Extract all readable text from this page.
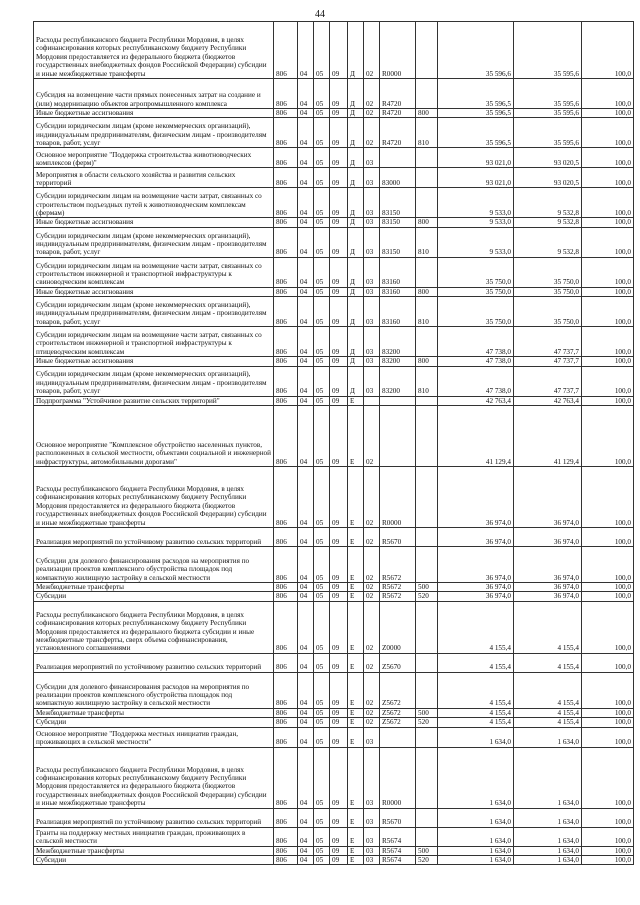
44
Расходы республиканского бюджета Республики Мордовия, в целях софинансирования которых республиканскому бюджету Республики Мордовия предоставляется из федерального бюджета (бюджетов государственных внебюджетных фондов Российской Федерации) субсидии и иные межбюджетные трансферты	806	04	05	09	Д	02	R0000		35 596,6	35 595,6	100,0
Субсидия на возмещение части прямых понесенных затрат на создание и (или) модернизацию объектов агропромышленного комплекса	806	04	05	09	Д	02	R4720		35 596,5	35 595,6	100,0
Иные бюджетные ассигнования	806	04	05	09	Д	02	R4720	800	35 596,5	35 595,6	100,0
Субсидии юридическим лицам (кроме некоммерческих организаций), индивидуальным предпринимателям, физическим лицам - производителям товаров, работ, услуг	806	04	05	09	Д	02	R4720	810	35 596,5	35 595,6	100,0
Основное мероприятие "Поддержка строительства животноводческих комплексов (ферм)"	806	04	05	09	Д	03			93 021,0	93 020,5	100,0
Мероприятия в области сельского хозяйства и развития сельских территорий	806	04	05	09	Д	03	83000		93 021,0	93 020,5	100,0
Субсидии юридическим лицам на возмещение части затрат, связанных со строительством подъездных путей к животноводческим комплексам (фермам)	806	04	05	09	Д	03	83150		9 533,0	9 532,8	100,0
Иные бюджетные ассигнования	806	04	05	09	Д	03	83150	800	9 533,0	9 532,8	100,0
Субсидии юридическим лицам (кроме некоммерческих организаций), индивидуальным предпринимателям, физическим лицам - производителям товаров, работ, услуг	806	04	05	09	Д	03	83150	810	9 533,0	9 532,8	100,0
Субсидии юридическим лицам на возмещение части затрат, связанных со строительством инженерной и транспортной инфраструктуры к свиноводческим комплексам	806	04	05	09	Д	03	83160		35 750,0	35 750,0	100,0
Иные бюджетные ассигнования	806	04	05	09	Д	03	83160	800	35 750,0	35 750,0	100,0
Субсидии юридическим лицам (кроме некоммерческих организаций), индивидуальным предпринимателям, физическим лицам - производителям товаров, работ, услуг	806	04	05	09	Д	03	83160	810	35 750,0	35 750,0	100,0
Субсидии юридическим лицам на возмещение части затрат, связанных со строительством инженерной и транспортной инфраструктуры к птицеводческим комплексам	806	04	05	09	Д	03	83200		47 738,0	47 737,7	100,0
Иные бюджетные ассигнования	806	04	05	09	Д	03	83200	800	47 738,0	47 737,7	100,0
Субсидии юридическим лицам (кроме некоммерческих организаций), индивидуальным предпринимателям, физическим лицам - производителям товаров, работ, услуг	806	04	05	09	Д	03	83200	810	47 738,0	47 737,7	100,0
Подпрограмма "Устойчивое развитие сельских территорий"	806	04	05	09	Е				42 763,4	42 763,4	100,0
Основное мероприятие "Комплексное обустройство населенных пунктов, расположенных в сельской местности, объектами социальной и инженерной инфраструктуры, автомобильными дорогами"	806	04	05	09	Е	02			41 129,4	41 129,4	100,0
Расходы республиканского бюджета Республики Мордовия, в целях софинансирования которых республиканскому бюджету Республики Мордовия предоставляется из федерального бюджета (бюджетов государственных внебюджетных фондов Российской Федерации) субсидии и иные межбюджетные трансферты	806	04	05	09	Е	02	R0000		36 974,0	36 974,0	100,0
Реализация мероприятий по устойчивому развитию сельских территорий	806	04	05	09	Е	02	R5670		36 974,0	36 974,0	100,0
Субсидии для долевого финансирования расходов на мероприятия по реализации проектов комплексного обустройства площадок под компактную жилищную застройку в сельской местности	806	04	05	09	Е	02	R5672		36 974,0	36 974,0	100,0
Межбюджетные трансферты	806	04	05	09	Е	02	R5672	500	36 974,0	36 974,0	100,0
Субсидии	806	04	05	09	Е	02	R5672	520	36 974,0	36 974,0	100,0
Расходы республиканского бюджета Республики Мордовия, в целях софинансирования которых республиканскому бюджету Республики Мордовия предоставляется из федерального бюджета субсидии и иные межбюджетные трансферты, сверх объема софинансирования, установленного соглашениями	806	04	05	09	Е	02	Z0000		4 155,4	4 155,4	100,0
Реализация мероприятий по устойчивому развитию сельских территорий	806	04	05	09	Е	02	Z5670		4 155,4	4 155,4	100,0
Субсидии для долевого финансирования расходов на мероприятия по реализации проектов комплексного обустройства площадок под компактную жилищную застройку в сельской местности	806	04	05	09	Е	02	Z5672		4 155,4	4 155,4	100,0
Межбюджетные трансферты	806	04	05	09	Е	02	Z5672	500	4 155,4	4 155,4	100,0
Субсидии	806	04	05	09	Е	02	Z5672	520	4 155,4	4 155,4	100,0
Основное мероприятие "Поддержка местных инициатив граждан, проживающих в сельской местности"	806	04	05	09	Е	03			1 634,0	1 634,0	100,0
Расходы республиканского бюджета Республики Мордовия, в целях софинансирования которых республиканскому бюджету Республики Мордовия предоставляется из федерального бюджета (бюджетов государственных внебюджетных фондов Российской Федерации) субсидии и иные межбюджетные трансферты	806	04	05	09	Е	03	R0000		1 634,0	1 634,0	100,0
Реализация мероприятий по устойчивому развитию сельских территорий	806	04	05	09	Е	03	R5670		1 634,0	1 634,0	100,0
Гранты на поддержку местных инициатив граждан, проживающих в сельской местности	806	04	05	09	Е	03	R5674		1 634,0	1 634,0	100,0
Межбюджетные трансферты	806	04	05	09	Е	03	R5674	500	1 634,0	1 634,0	100,0
Субсидии	806	04	05	09	Е	03	R5674	520	1 634,0	1 634,0	100,0
